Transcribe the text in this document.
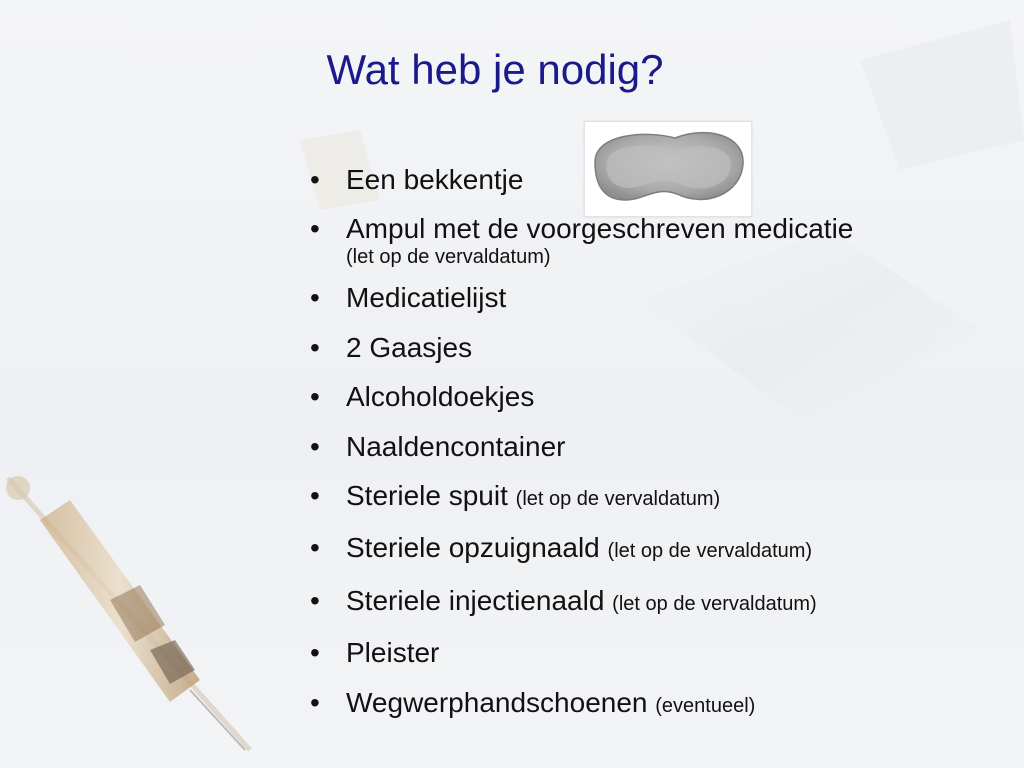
Wat heb je nodig?
• Een bekkentje
• Ampul met de voorgeschreven medicatie
(let op de vervaldatum)
• Medicatielijst
• 2 Gaasjes
• Alcoholdoekjes
• Naaldencontainer
• Steriele spuit (let op de vervaldatum)
• Steriele opzuignaald (let op de vervaldatum)
• Steriele injectienaald (let op de vervaldatum)
• Pleister
• Wegwerphandschoenen (eventueel)
